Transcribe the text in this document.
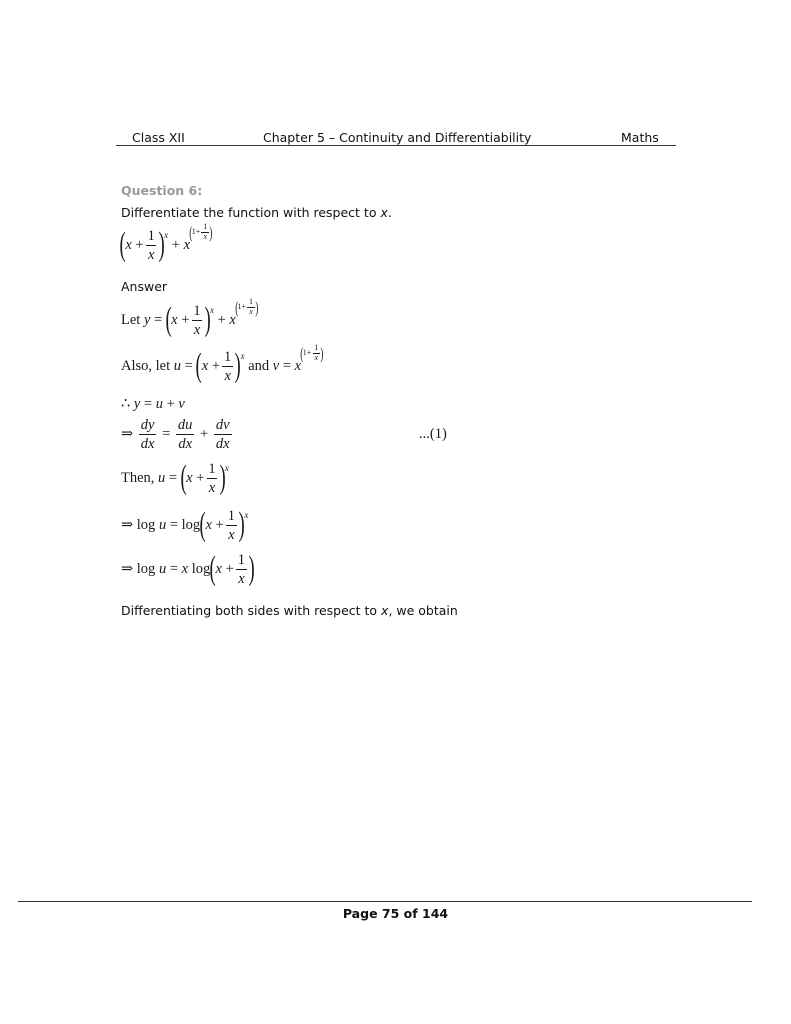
Class XII	Chapter 5 – Continuity and Differentiability	Maths
Question 6:
Differentiate the function with respect to x.
( $x + \frac{1}{x}$ ) x
+ x
( $1+ \frac{1}{x}$ )
Answer
Let
y = ( $x + \frac{1}{x}$ ) x
+ x
( $1+ \frac{1}{x}$ )
Also, let
u = ( $x + \frac{1}{x}$ ) x

and
v = x
( $1+ \frac{1}{x}$ )
∴
y = u + v
⇒
$\frac{dy}{dx} = \frac{du}{dx} + \frac{dv}{dx}$	...(1)
Then,
u = ( $x + \frac{1}{x}$ ) x
⇒
log
u = log ( $x + \frac{1}{x}$ ) x
⇒
log
u = x
log ( $x + \frac{1}{x}$ )
Differentiating both sides with respect to x, we obtain
Page 75 of 144
